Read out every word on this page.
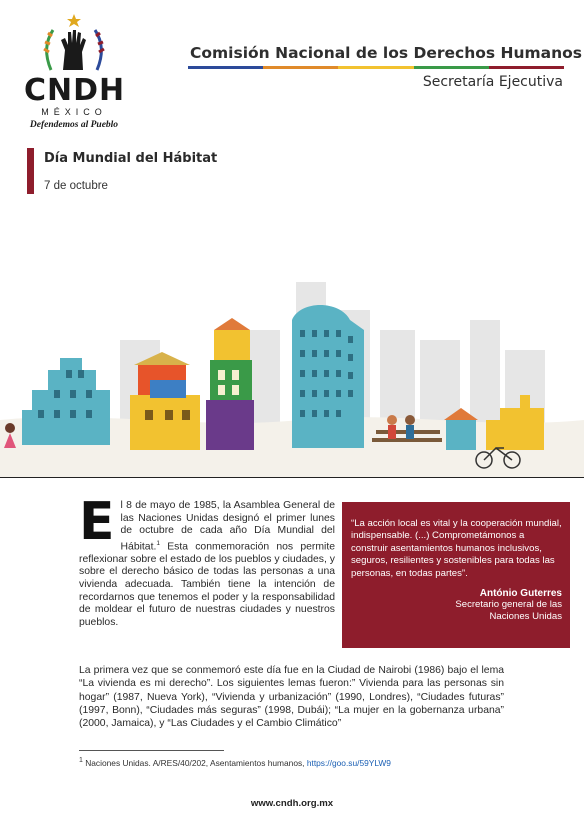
CNDH
MÉXICO
Defendemos al Pueblo
Comisión Nacional de los Derechos Humanos
Secretaría Ejecutiva
Día Mundial del Hábitat
7 de octubre
El 8 de mayo de 1985, la Asamblea General de las Naciones Unidas designó el primer lunes de octubre de cada año Día Mundial del Hábitat.$^1$ Esta conmemoración nos permite reflexionar sobre el estado de los pueblos y ciudades, y sobre el derecho básico de todas las personas a una vivienda adecuada. También tiene la intención de recordarnos que tenemos el poder y la responsabilidad de moldear el futuro de nuestras ciudades y nuestros pueblos.
“La acción local es vital y la cooperación mundial, indispensable. (...) Comprometámonos a construir asentamientos humanos inclusivos, seguros, resilientes y sostenibles para todas las personas, en todas partes”.
António Guterres
Secretario general de las Naciones Unidas
La primera vez que se conmemoró este día fue en la Ciudad de Nairobi (1986) bajo el lema “La vivienda es mi derecho”. Los siguientes lemas fueron:” Vivienda para las personas sin hogar” (1987, Nueva York), “Vivienda y urbanización” (1990, Londres), “Ciudades futuras” (1997, Bonn), “Ciudades más seguras” (1998, Dubái); “La mujer en la gobernanza urbana” (2000, Jamaica), y “Las Ciudades y el Cambio Climático”
$^1$ Naciones Unidas. A/RES/40/202, Asentamientos humanos, https://goo.su/59YLW9
www.cndh.org.mx
